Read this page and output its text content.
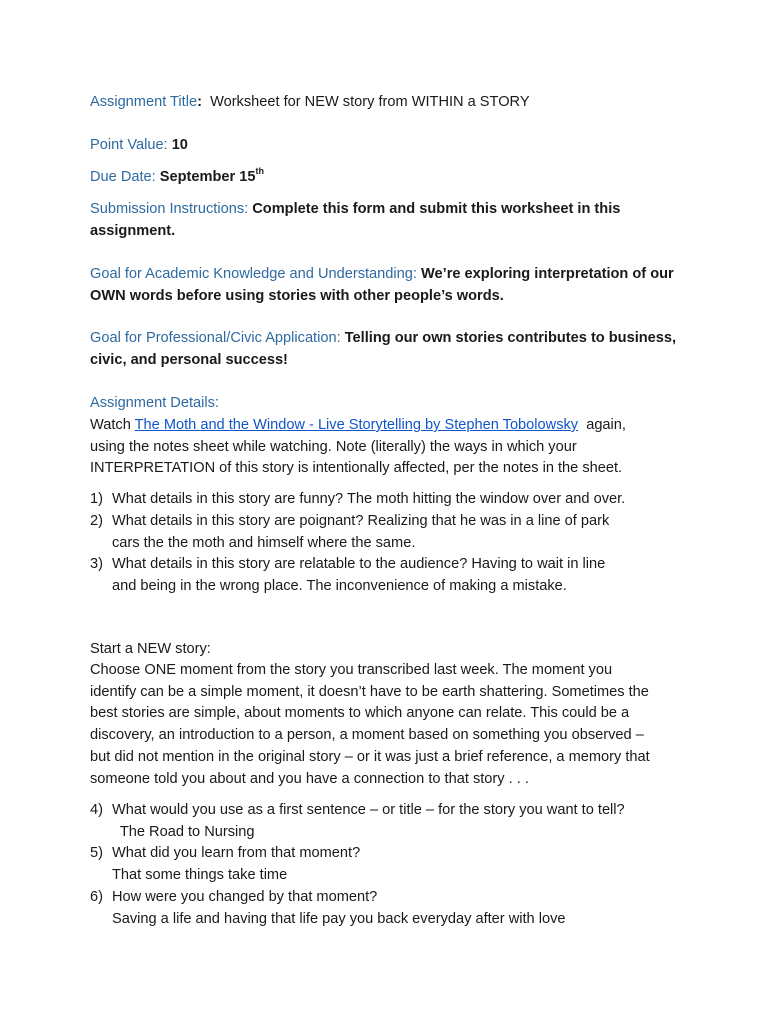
Assignment Title: Worksheet for NEW story from WITHIN a STORY
Point Value: 10
Due Date: September 15th
Submission Instructions: Complete this form and submit this worksheet in this
assignment.
Goal for Academic Knowledge and Understanding: We’re exploring interpretation of our
OWN words before using stories with other people’s words.
Goal for Professional/Civic Application: Telling our own stories contributes to business,
civic, and personal success!
Assignment Details:
Watch The Moth and the Window - Live Storytelling by Stephen Tobolowsky again,
using the notes sheet while watching. Note (literally) the ways in which your
INTERPRETATION of this story is intentionally affected, per the notes in the sheet.
1) What details in this story are funny? The moth hitting the window over and over.
2) What details in this story are poignant? Realizing that he was in a line of park
cars the the moth and himself where the same.
3) What details in this story are relatable to the audience? Having to wait in line
and being in the wrong place. The inconvenience of making a mistake.
Start a NEW story:
Choose ONE moment from the story you transcribed last week. The moment you
identify can be a simple moment, it doesn’t have to be earth shattering. Sometimes the
best stories are simple, about moments to which anyone can relate. This could be a
discovery, an introduction to a person, a moment based on something you observed –
but did not mention in the original story – or it was just a brief reference, a memory that
someone told you about and you have a connection to that story . . .
4) What would you use as a first sentence – or title – for the story you want to tell?
The Road to Nursing
5) What did you learn from that moment?
That some things take time
6) How were you changed by that moment?
Saving a life and having that life pay you back everyday after with love
